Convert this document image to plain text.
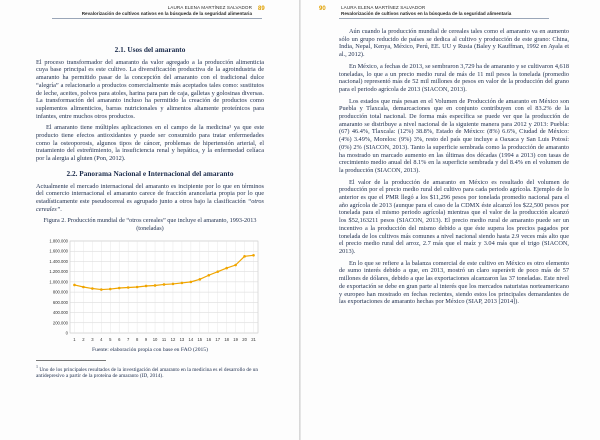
LAURA ELENA MARTÍNEZ SALVADOR
Revalorización de cultivos nativos en la búsqueda de la seguridad alimentaria
89
2.1. Usos del amaranto

El proceso transformador del amaranto da valor agregado a la producción alimenticia cuya base principal es este cultivo. La diversificación productiva de la agroindustria de amaranto ha permitido pasar de la concepción del amaranto con el tradicional dulce “alegría” a relacionarlo a productos comercialmente más aceptados tales como: sustitutos de leche, aceites, polvos para atoles, harina para pan de caja, galletas y golosinas diversas. La transformación del amaranto incluso ha permitido la creación de productos como suplementos alimenticios, barras nutricionales y alimentos altamente proteínicos para infantes, entre muchos otros productos.

El amaranto tiene múltiples aplicaciones en el campo de la medicina¹ ya que este producto tiene efectos antioxidantes y puede ser consumido para tratar enfermedades como la osteoporosis, algunos tipos de cáncer, problemas de hipertensión arterial, el tratamiento del estreñimiento, la insuficiencia renal y hepática, y la enfermedad celíaca por la alergia al gluten (Pon, 2012).

2.2. Panorama Nacional e Internacional del amaranto

Actualmente el mercado internacional del amaranto es incipiente por lo que en términos del comercio internacional el amaranto carece de fracción arancelaria propia por lo que estadísticamente este pseudocereal es agrupado junto a otros bajo la clasificación “otros cereales”.

Figura 2. Producción mundial de “otros cereales” que incluye el amaranto, 1993-2013 (toneladas)
1.800.000
1.600.000
1.400.000
1.200.000
1.000.000
800.000
600.000
400.000
200.000
0
1 2 3 4 5 6 7 8 9 10 11 12 13 14 15 16 17 18 19 20 21
Fuente: elaboración propia con base en FAO (2015)

$^1$ Uno de los principales resultados de la investigación del amaranto en la medicina es el desarrollo de un antidepresivo a partir de la proteína de amaranto (ID, 2014).

90	LAURA ELENA MARTÍNEZ SALVADOR
Revalorización de cultivos nativos en la búsqueda de la seguridad alimentaria

Aún cuando la producción mundial de cereales tales como el amaranto va en aumento sólo un grupo reducido de países se dedica al cultivo y producción de este grano: China, India, Nepal, Kenya, México, Perú, EE. UU y Rusia (Baley y Kauffman, 1992 en Ayala et al., 2012).

En México, a fechas de 2013, se sembraron 3,729 ha de amaranto y se cultivaron 4,618 toneladas, lo que a un precio medio rural de más de 11 mil pesos la tonelada (promedio nacional) representó más de 52 mil millones de pesos en valor de la producción del grano para el periodo agrícola de 2013 (SIACON, 2013).

Los estados que más pesan en el Volumen de Producción de amaranto en México son Puebla y Tlaxcala, demarcaciones que en conjunto contribuyen con el 83.2% de la producción total nacional. De forma más específica se puede ver que la producción de amaranto se distribuye a nivel nacional de la siguiente manera para 2012 y 2013: Puebla: (67) 46.4%, Tlaxcala: (12%) 38.8%, Estado de México: (8%) 6.6%, Ciudad de México: (4%) 3.49%, Morelos: (9%) 3%, resto del país que incluye a Oaxaca y San Luis Potosí: (0%) 2% (SIACON, 2013). Tanto la superficie sembrada como la producción de amaranto ha mostrado un marcado aumento en las últimas dos décadas (1994 a 2013) con tasas de crecimiento medio anual del 8.1% en la superficie sembrada y del 8.4% en el volumen de la producción (SIACON, 2013).

El valor de la producción de amaranto en México es resultado del volumen de producción por el precio medio rural del cultivo para cada periodo agrícola. Ejemplo de lo anterior es que el PMR llegó a los $11,296 pesos por tonelada promedio nacional para el año agrícola de 2013 (aunque para el caso de la CDMX éste alcanzó los $22,500 pesos por tonelada para el mismo periodo agrícola) mientras que el valor de la producción alcanzó los $52,163211 pesos (SIACON, 2013). El precio medio rural de amaranto puede ser un incentivo a la producción del mismo debido a que éste supera los precios pagados por tonelada de los cultivos más comunes a nivel nacional siendo hasta 2.9 veces más alto que el precio medio rural del arroz, 2.7 más que el maíz y 3.04 más que el trigo (SIACON, 2013).

En lo que se refiere a la balanza comercial de este cultivo en México es otro elemento de sumo interés debido a que, en 2013, mostró un claro superávit de poco más de 57 millones de dólares, debido a que las exportaciones alcanzaron las 37 toneladas. Este nivel de exportación se debe en gran parte al interés que los mercados naturistas norteamericano y europeo han mostrado en fechas recientes, siendo estos los principales demandantes de las exportaciones de amaranto hechas por México (SIAP, 2013 [2014]).
